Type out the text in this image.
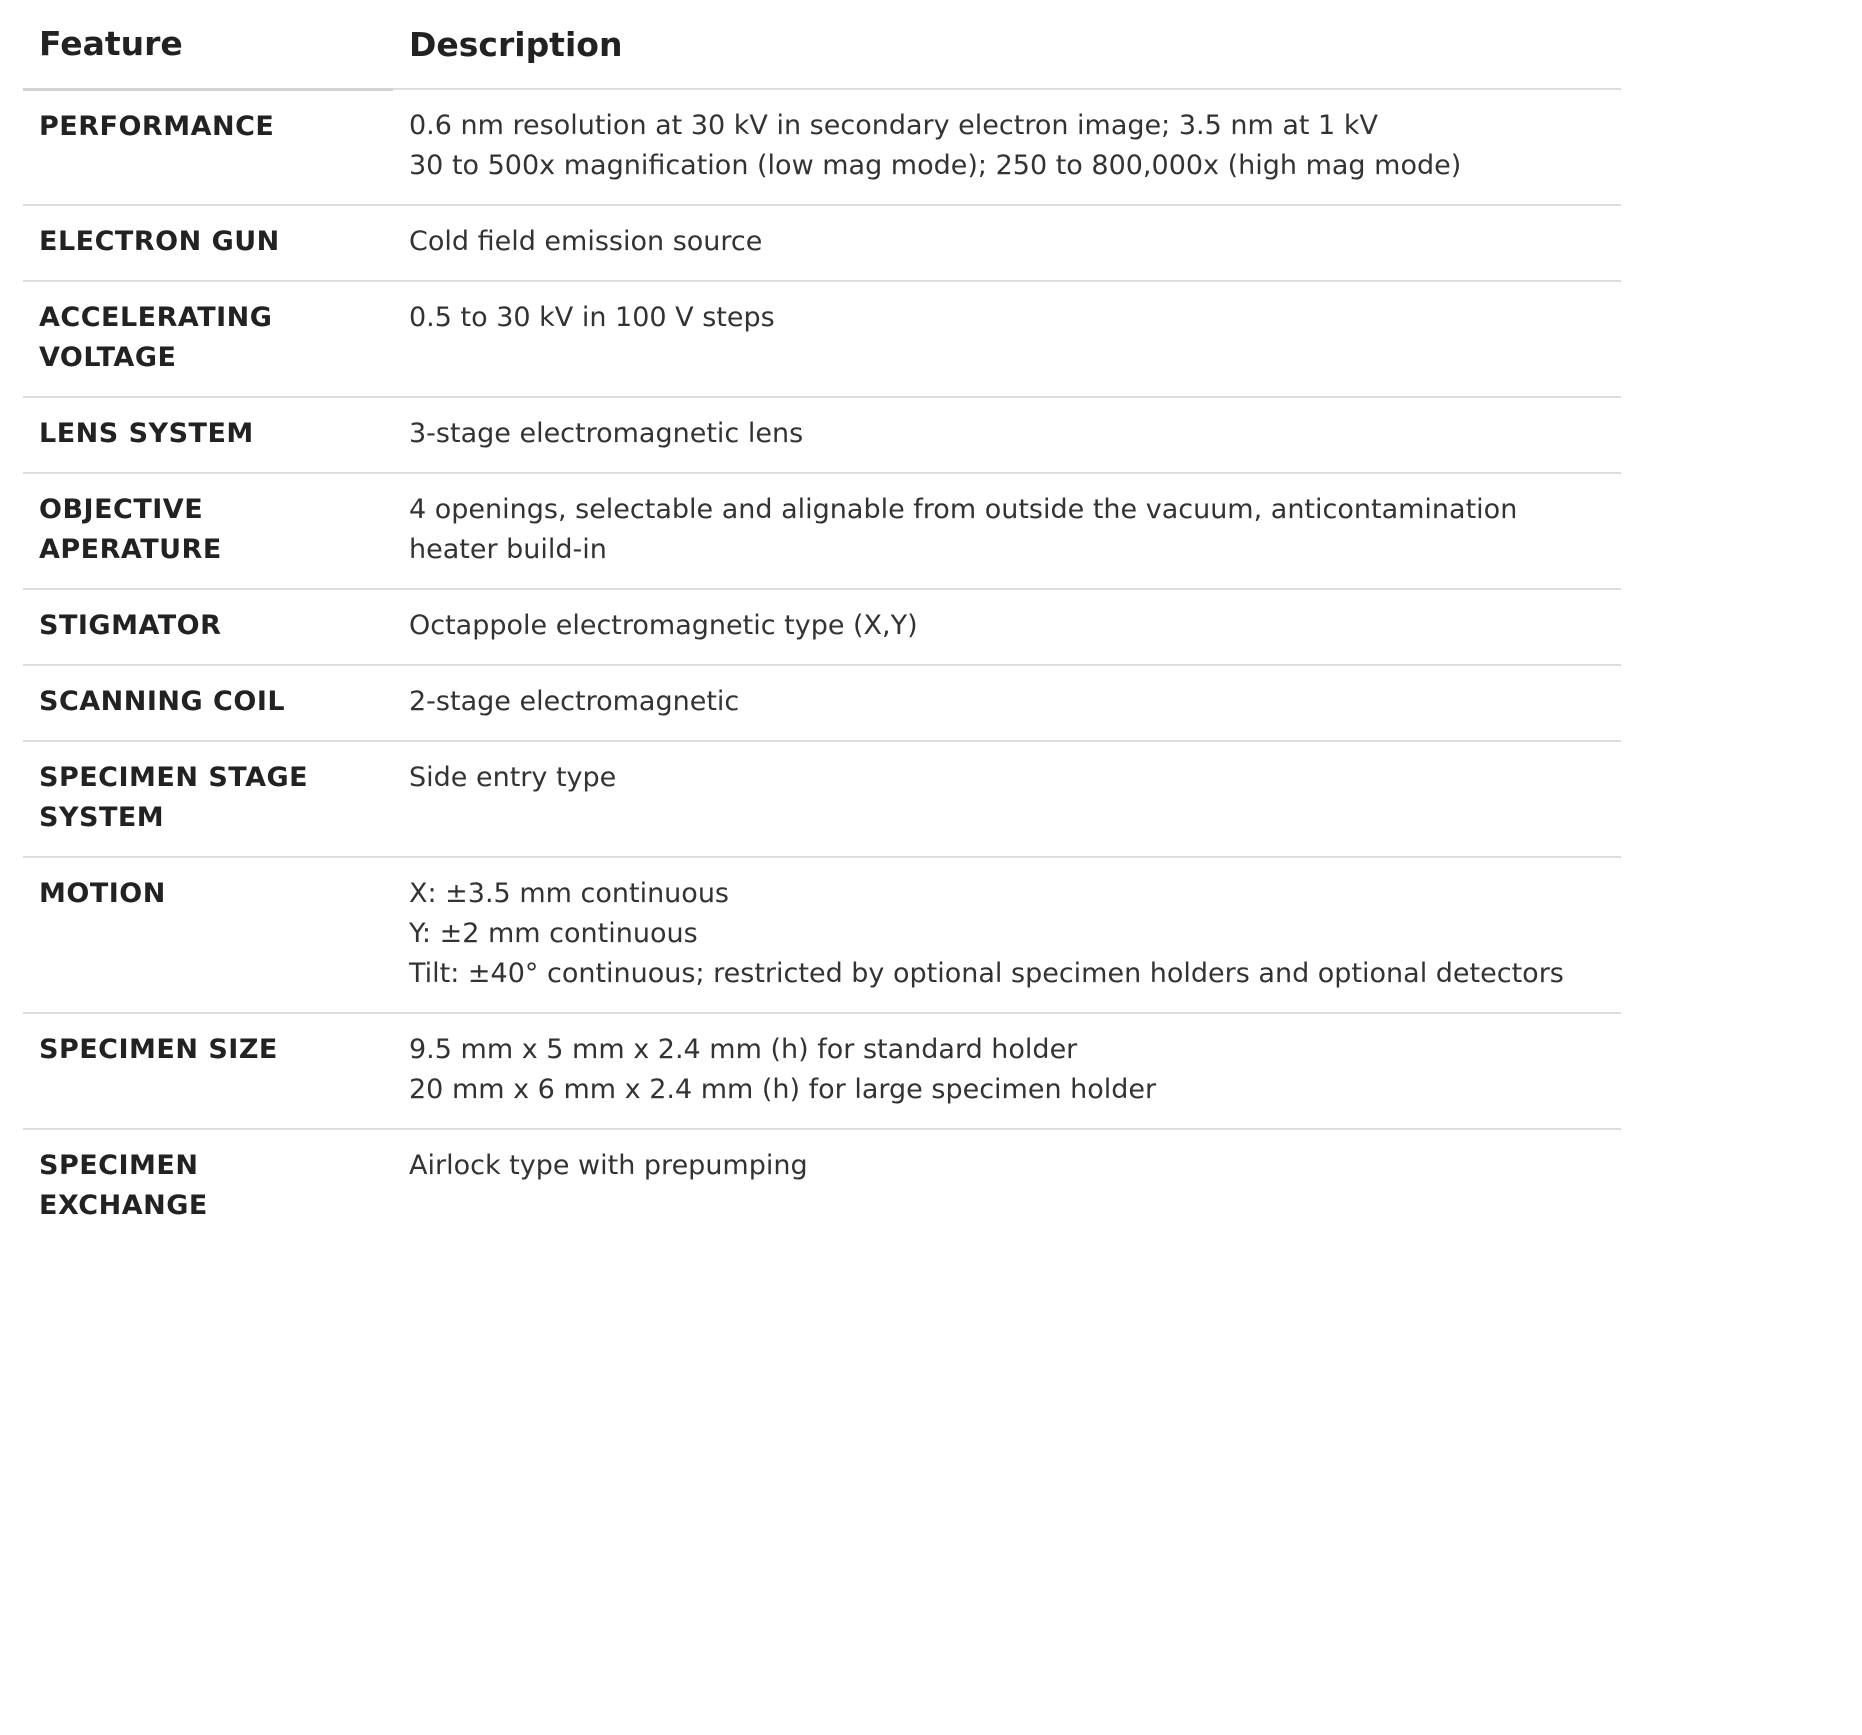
Feature	Description
PERFORMANCE	0.6 nm resolution at 30 kV in secondary electron image; 3.5 nm at 1 kV
30 to 500x magnification (low mag mode); 250 to 800,000x (high mag mode)

ELECTRON GUN	Cold field emission source

ACCELERATING VOLTAGE	0.5 to 30 kV in 100 V steps

LENS SYSTEM	3-stage electromagnetic lens

OBJECTIVE APERATURE	4 openings, selectable and alignable from outside the vacuum, anticontamination heater build-in

STIGMATOR	Octappole electromagnetic type (X,Y)

SCANNING COIL	2-stage electromagnetic

SPECIMEN STAGE SYSTEM	Side entry type

MOTION	X: ±3.5 mm continuous
Y: ±2 mm continuous
Tilt: ±40° continuous; restricted by optional specimen holders and optional detectors

SPECIMEN SIZE	9.5 mm x 5 mm x 2.4 mm (h) for standard holder
20 mm x 6 mm x 2.4 mm (h) for large specimen holder

SPECIMEN EXCHANGE	Airlock type with prepumping
